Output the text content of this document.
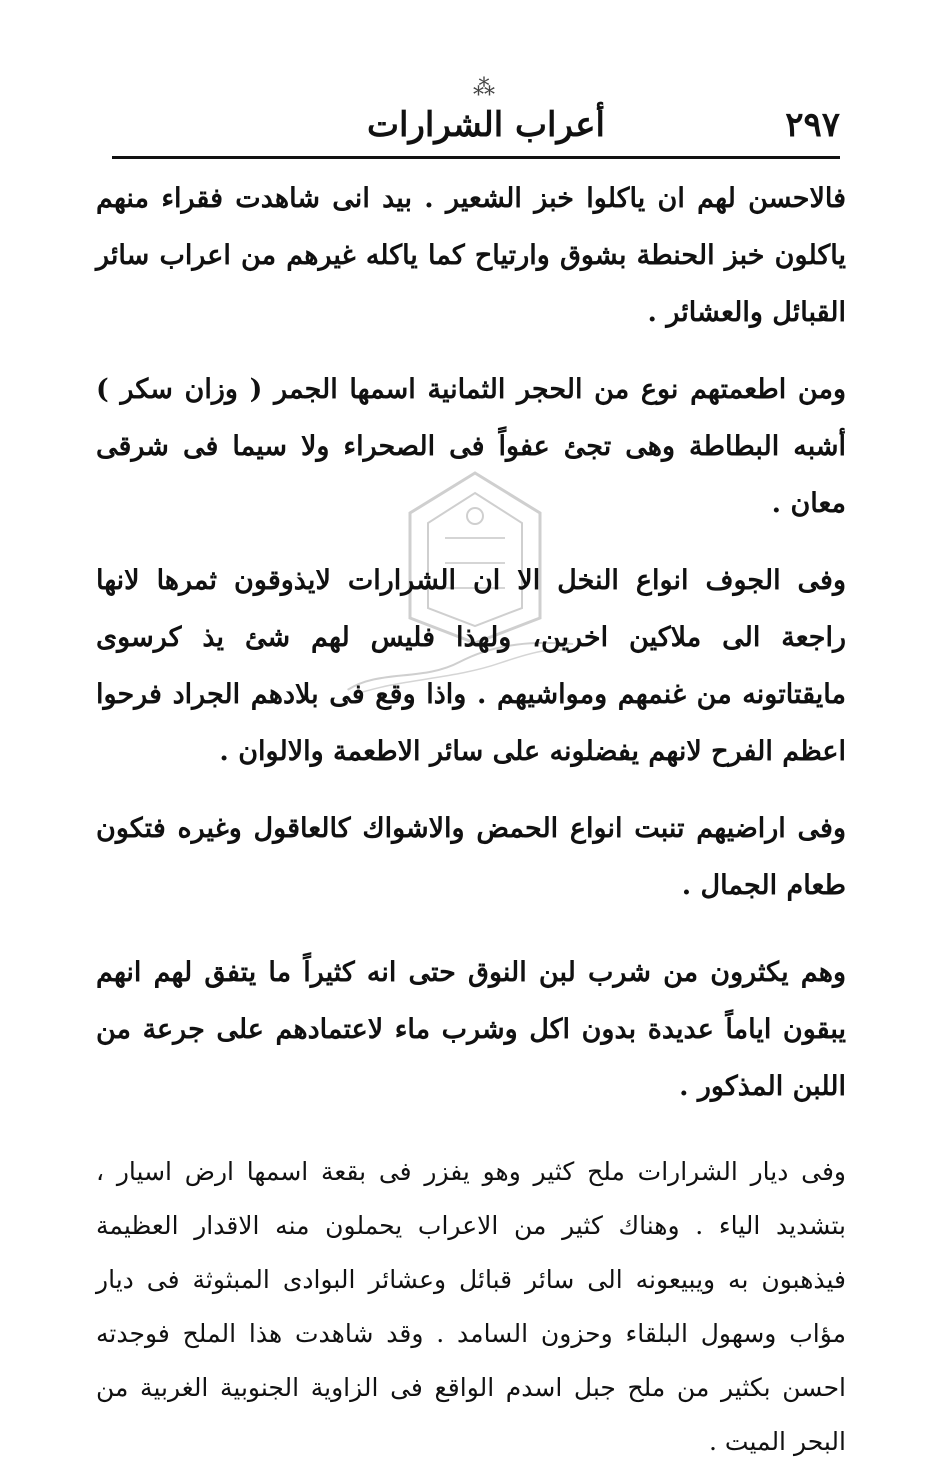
٢٩٧
⁂
أعراب الشرارات

فالاحسن لهم ان ياكلوا خبز الشعير . بيد انى شاهدت فقراء منهم ياكلون خبز الحنطة بشوق وارتياح كما ياكله غيرهم من اعراب سائر القبائل والعشائر .

ومن اطعمتهم نوع من الحجر الثمانية اسمها الجمر ( وزان سكر ) أشبه البطاطة وهى تجئ عفواً فى الصحراء ولا سيما فى شرقى معان .

وفى الجوف انواع النخل الا ان الشرارات لايذوقون ثمرها لانها راجعة الى ملاكين اخرين، ولهذا فليس لهم شئ يذ كرسوى مايقتاتونه من غنمهم ومواشيهم . واذا وقع فى بلادهم الجراد فرحوا اعظم الفرح لانهم يفضلونه على سائر الاطعمة والالوان .

وفى اراضيهم تنبت انواع الحمض والاشواك كالعاقول وغيره فتكون طعام الجمال .

وهم يكثرون من شرب لبن النوق حتى انه كثيراً ما يتفق لهم انهم يبقون اياماً عديدة بدون اكل وشرب ماء لاعتمادهم على جرعة من اللبن المذكور .

وفى ديار الشرارات ملح كثير وهو يفزر فى بقعة اسمها ارض اسيار ، بتشديد الياء . وهناك كثير من الاعراب يحملون منه الاقدار العظيمة فيذهبون به ويبيعونه الى سائر قبائل وعشائر البوادى المبثوثة فى ديار مؤاب وسهول البلقاء وحزون السامد . وقد شاهدت هذا الملح فوجدته احسن بكثير من ملح جبل اسدم الواقع فى الزاوية الجنوبية الغربية من البحر الميت .
